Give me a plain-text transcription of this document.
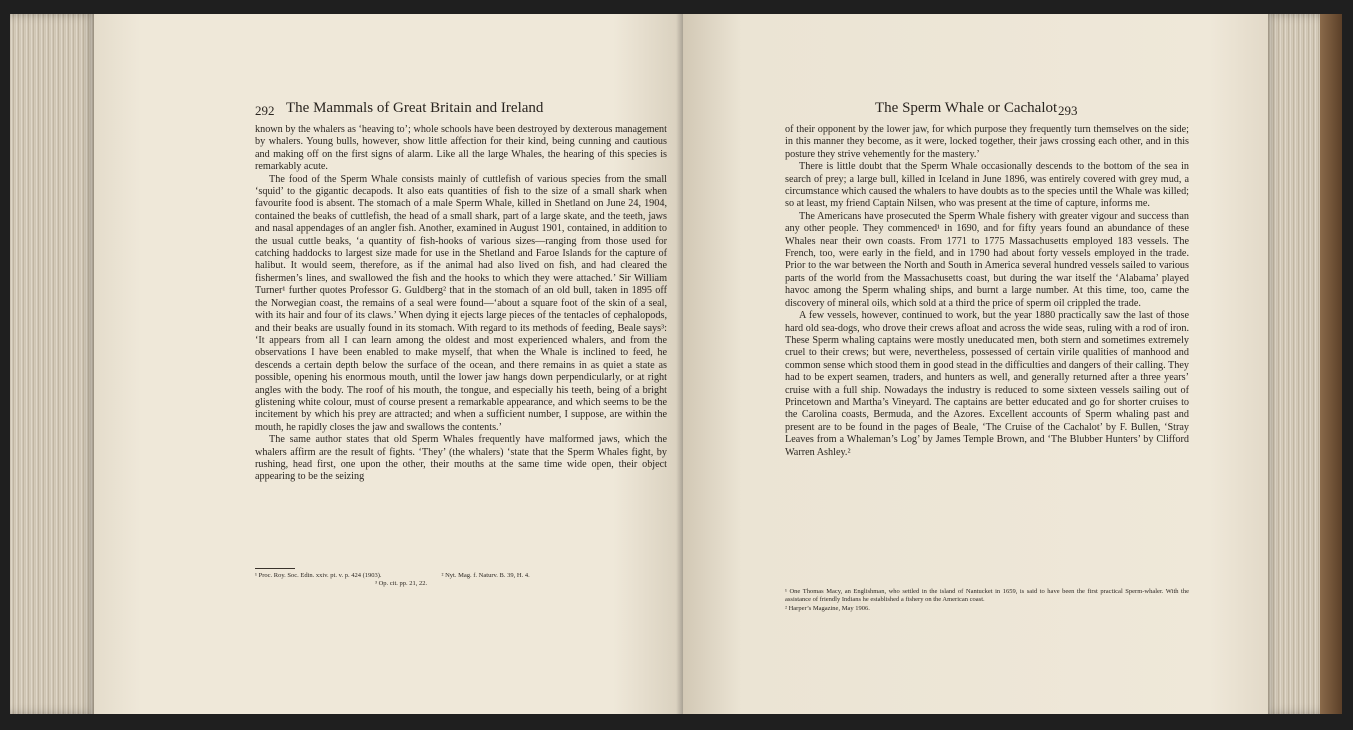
292 The Mammals of Great Britain and Ireland

known by the whalers as ‘heaving to’; whole schools have been destroyed by dexterous management by whalers. Young bulls, however, show little affection for their kind, being cunning and cautious and making off on the first signs of alarm. Like all the large Whales, the hearing of this species is remarkably acute.

The food of the Sperm Whale consists mainly of cuttlefish of various species from the small ‘squid’ to the gigantic decapods. It also eats quantities of fish to the size of a small shark when favourite food is absent. The stomach of a male Sperm Whale, killed in Shetland on June 24, 1904, contained the beaks of cuttlefish, the head of a small shark, part of a large skate, and the teeth, jaws and nasal appendages of an angler fish. Another, examined in August 1901, contained, in addition to the usual cuttle beaks, ‘a quantity of fish-hooks of various sizes—ranging from those used for catching haddocks to largest size made for use in the Shetland and Faroe Islands for the capture of halibut. It would seem, therefore, as if the animal had also lived on fish, and had cleared the fishermen’s lines, and swallowed the fish and the hooks to which they were attached.’ Sir William Turner¹ further quotes Professor G. Guldberg² that in the stomach of an old bull, taken in 1895 off the Norwegian coast, the remains of a seal were found—‘about a square foot of the skin of a seal, with its hair and four of its claws.’ When dying it ejects large pieces of the tentacles of cephalopods, and their beaks are usually found in its stomach. With regard to its methods of feeding, Beale says³: ‘It appears from all I can learn among the oldest and most experienced whalers, and from the observations I have been enabled to make myself, that when the Whale is inclined to feed, he descends a certain depth below the surface of the ocean, and there remains in as quiet a state as possible, opening his enormous mouth, until the lower jaw hangs down perpendicularly, or at right angles with the body. The roof of his mouth, the tongue, and especially his teeth, being of a bright glistening white colour, must of course present a remarkable appearance, and which seems to be the incitement by which his prey are attracted; and when a sufficient number, I suppose, are within the mouth, he rapidly closes the jaw and swallows the contents.’

The same author states that old Sperm Whales frequently have malformed jaws, which the whalers affirm are the result of fights. ‘They’ (the whalers) ‘state that the Sperm Whales fight, by rushing, head first, one upon the other, their mouths at the same time wide open, their object appearing to be the seizing

¹ Proc. Roy. Soc. Edin. xxiv. pt. v. p. 424 (1903).	² Nyt. Mag. f. Naturv. B. 39, H. 4.

³ Op. cit. pp. 21, 22.

The Sperm Whale or Cachalot 293

of their opponent by the lower jaw, for which purpose they frequently turn themselves on the side; in this manner they become, as it were, locked together, their jaws crossing each other, and in this posture they strive vehemently for the mastery.’

There is little doubt that the Sperm Whale occasionally descends to the bottom of the sea in search of prey; a large bull, killed in Iceland in June 1896, was entirely covered with grey mud, a circumstance which caused the whalers to have doubts as to the species until the Whale was killed; so at least, my friend Captain Nilsen, who was present at the time of capture, informs me.

The Americans have prosecuted the Sperm Whale fishery with greater vigour and success than any other people. They commenced¹ in 1690, and for fifty years found an abundance of these Whales near their own coasts. From 1771 to 1775 Massachusetts employed 183 vessels. The French, too, were early in the field, and in 1790 had about forty vessels employed in the trade. Prior to the war between the North and South in America several hundred vessels sailed to various parts of the world from the Massachusetts coast, but during the war itself the ‘Alabama’ played havoc among the Sperm whaling ships, and burnt a large number. At this time, too, came the discovery of mineral oils, which sold at a third the price of sperm oil crippled the trade.

A few vessels, however, continued to work, but the year 1880 practically saw the last of those hard old sea-dogs, who drove their crews afloat and across the wide seas, ruling with a rod of iron. These Sperm whaling captains were mostly uneducated men, both stern and sometimes extremely cruel to their crews; but were, nevertheless, possessed of certain virile qualities of manhood and common sense which stood them in good stead in the difficulties and dangers of their calling. They had to be expert seamen, traders, and hunters as well, and generally returned after a three years’ cruise with a full ship. Nowadays the industry is reduced to some sixteen vessels sailing out of Princetown and Martha’s Vineyard. The captains are better educated and go for shorter cruises to the Carolina coasts, Bermuda, and the Azores. Excellent accounts of Sperm whaling past and present are to be found in the pages of Beale, ‘The Cruise of the Cachalot’ by F. Bullen, ‘Stray Leaves from a Whaleman’s Log’ by James Temple Brown, and ‘The Blubber Hunters’ by Clifford Warren Ashley.²

¹ One Thomas Macy, an Englishman, who settled in the island of Nantucket in 1659, is said to have been the first practical Sperm-whaler. With the assistance of friendly Indians he established a fishery on the American coast.

² Harper’s Magazine, May 1906.
